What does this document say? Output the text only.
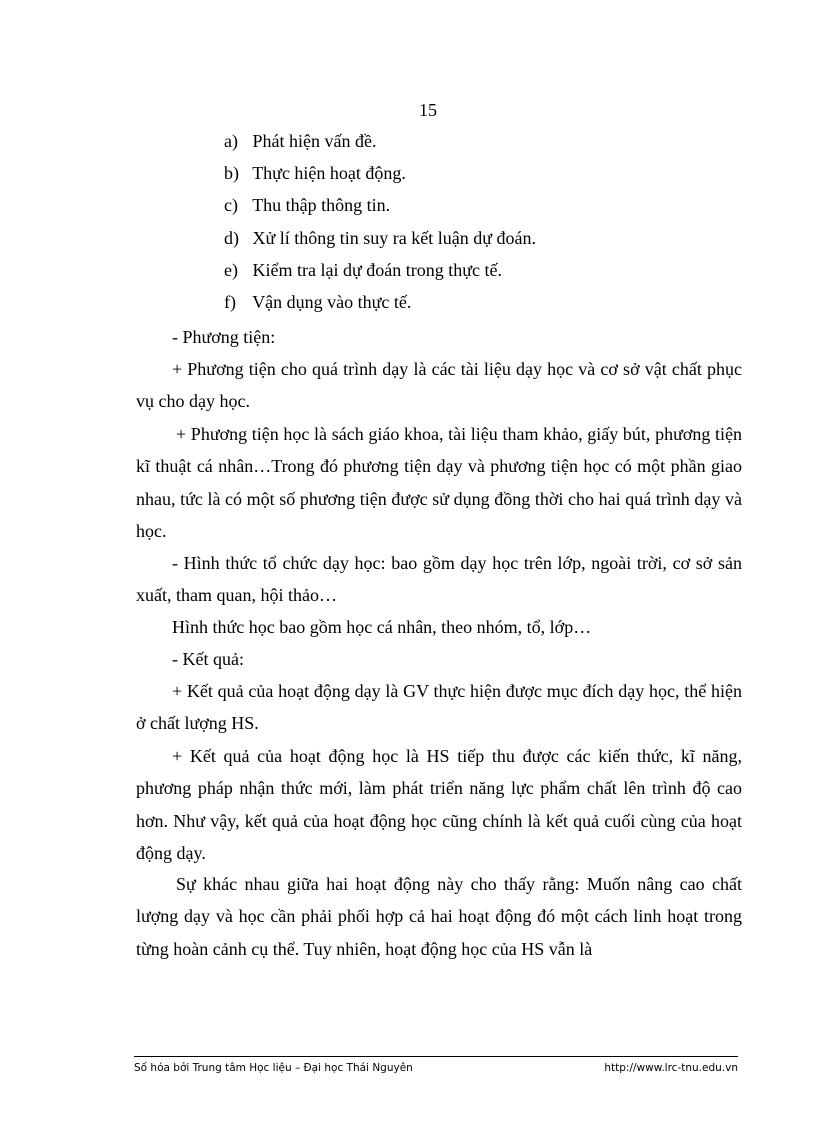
15
a) Phát hiện vấn đề.
b) Thực hiện hoạt động.
c) Thu thập thông tin.
d) Xử lí thông tin suy ra kết luận dự đoán.
e) Kiểm tra lại dự đoán trong thực tế.
f) Vận dụng vào thực tế.

- Phương tiện:

+ Phương tiện cho quá trình dạy là các tài liệu dạy học và cơ sở vật chất phục vụ cho dạy học.

+ Phương tiện học là sách giáo khoa, tài liệu tham khảo, giấy bút, phương tiện kĩ thuật cá nhân…Trong đó phương tiện dạy và phương tiện học có một phần giao nhau, tức là có một số phương tiện được sử dụng đồng thời cho hai quá trình dạy và học.

- Hình thức tổ chức dạy học: bao gồm dạy học trên lớp, ngoài trời, cơ sở sản xuất, tham quan, hội thảo…

Hình thức học bao gồm học cá nhân, theo nhóm, tổ, lớp…

- Kết quả:

+ Kết quả của hoạt động dạy là GV thực hiện được mục đích dạy học, thể hiện ở chất lượng HS.

+ Kết quả của hoạt động học là HS tiếp thu được các kiến thức, kĩ năng, phương pháp nhận thức mới, làm phát triển năng lực phẩm chất lên trình độ cao hơn. Như vậy, kết quả của hoạt động học cũng chính là kết quả cuối cùng của hoạt động dạy.

Sự khác nhau giữa hai hoạt động này cho thấy rằng: Muốn nâng cao chất lượng dạy và học cần phải phối hợp cả hai hoạt động đó một cách linh hoạt trong từng hoàn cảnh cụ thể. Tuy nhiên, hoạt động học của HS vẫn là

Số hóa bởi Trung tâm Học liệu – Đại học Thái Nguyên	http://www.lrc-tnu.edu.vn
